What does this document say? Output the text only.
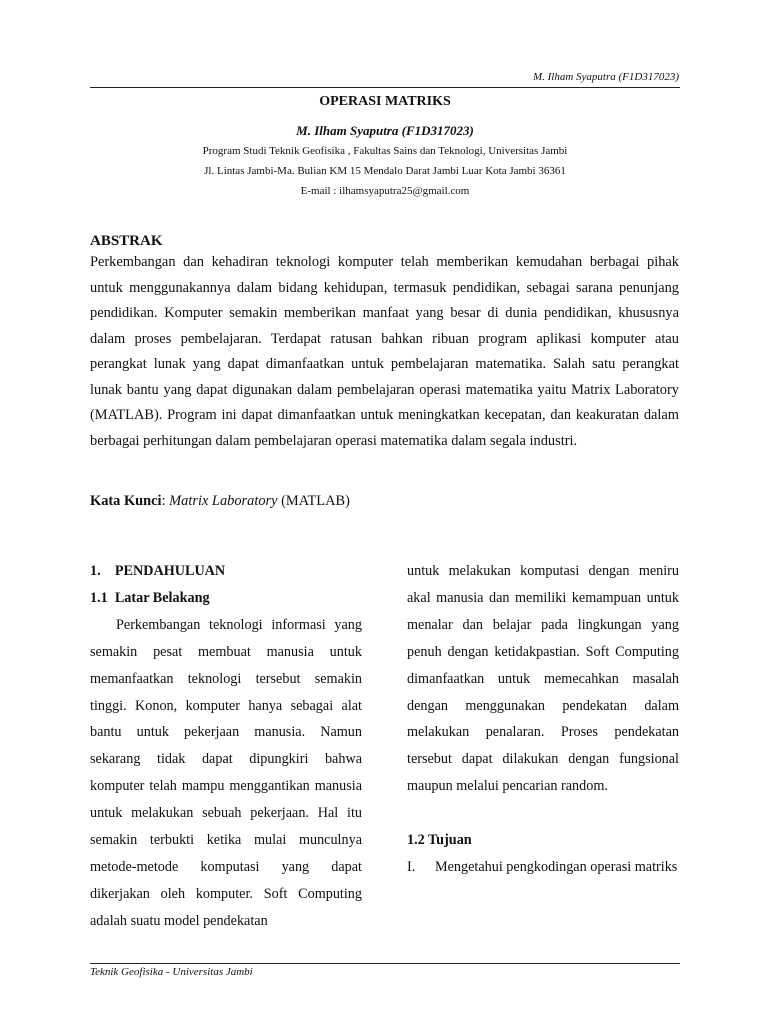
M. Ilham Syaputra (F1D317023)
OPERASI MATRIKS
M. Ilham Syaputra (F1D317023)
Program Studi Teknik Geofisika , Fakultas Sains dan Teknologi, Universitas Jambi
Jl. Lintas Jambi-Ma. Bulian KM 15 Mendalo Darat Jambi Luar Kota Jambi 36361
E-mail : ilhamsyaputra25@gmail.com
ABSTRAK
Perkembangan dan kehadiran teknologi komputer telah memberikan kemudahan berbagai pihak untuk menggunakannya dalam bidang kehidupan, termasuk pendidikan, sebagai sarana penunjang pendidikan. Komputer semakin memberikan manfaat yang besar di dunia pendidikan, khususnya dalam proses pembelajaran. Terdapat ratusan bahkan ribuan program aplikasi komputer atau perangkat lunak yang dapat dimanfaatkan untuk pembelajaran matematika. Salah satu perangkat lunak bantu yang dapat digunakan dalam pembelajaran operasi matematika yaitu Matrix Laboratory (MATLAB). Program ini dapat dimanfaatkan untuk meningkatkan kecepatan, dan keakuratan dalam berbagai perhitungan dalam pembelajaran operasi matematika dalam segala industri.
Kata Kunci: Matrix Laboratory (MATLAB)

1.    PENDAHULUAN

1.1  Latar Belakang

Perkembangan teknologi informasi yang semakin pesat membuat manusia untuk memanfaatkan teknologi tersebut semakin tinggi. Konon, komputer hanya sebagai alat bantu untuk pekerjaan manusia. Namun sekarang tidak dapat dipungkiri bahwa komputer telah mampu menggantikan manusia untuk melakukan sebuah pekerjaan. Hal itu semakin terbukti ketika mulai munculnya metode-metode komputasi yang dapat dikerjakan oleh komputer. Soft Computing adalah suatu model pendekatan

untuk melakukan komputasi dengan meniru akal manusia dan memiliki kemampuan untuk menalar dan belajar pada lingkungan yang penuh dengan ketidakpastian. Soft Computing dimanfaatkan untuk memecahkan masalah dengan menggunakan pendekatan dalam melakukan penalaran. Proses pendekatan tersebut dapat dilakukan dengan fungsional maupun melalui pencarian random.

1.2 Tujuan

I.	Mengetahui pengkodingan operasi matriks
Teknik Geofisika - Universitas Jambi
